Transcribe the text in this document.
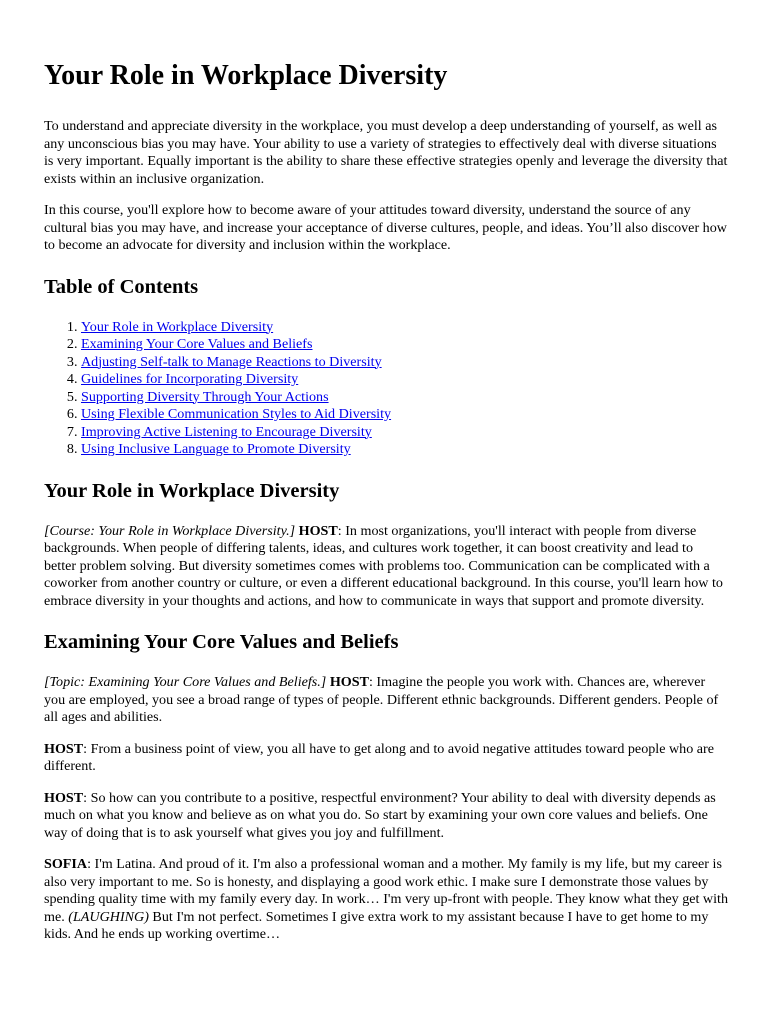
Your Role in Workplace Diversity

To understand and appreciate diversity in the workplace, you must develop a deep understanding of yourself, as well as any unconscious bias you may have. Your ability to use a variety of strategies to effectively deal with diverse situations is very important. Equally important is the ability to share these effective strategies openly and leverage the diversity that exists within an inclusive organization.

In this course, you'll explore how to become aware of your attitudes toward diversity, understand the source of any cultural bias you may have, and increase your acceptance of diverse cultures, people, and ideas. You’ll also discover how to become an advocate for diversity and inclusion within the workplace.

Table of Contents
1. Your Role in Workplace Diversity
2. Examining Your Core Values and Beliefs
3. Adjusting Self-talk to Manage Reactions to Diversity
4. Guidelines for Incorporating Diversity
5. Supporting Diversity Through Your Actions
6. Using Flexible Communication Styles to Aid Diversity
7. Improving Active Listening to Encourage Diversity
8. Using Inclusive Language to Promote Diversity
Your Role in Workplace Diversity

[Course: Your Role in Workplace Diversity.] HOST: In most organizations, you'll interact with people from diverse backgrounds. When people of differing talents, ideas, and cultures work together, it can boost creativity and lead to better problem solving. But diversity sometimes comes with problems too. Communication can be complicated with a coworker from another country or culture, or even a different educational background. In this course, you'll learn how to embrace diversity in your thoughts and actions, and how to communicate in ways that support and promote diversity.

Examining Your Core Values and Beliefs

[Topic: Examining Your Core Values and Beliefs.] HOST: Imagine the people you work with. Chances are, wherever you are employed, you see a broad range of types of people. Different ethnic backgrounds. Different genders. People of all ages and abilities.

HOST: From a business point of view, you all have to get along and to avoid negative attitudes toward people who are different.

HOST: So how can you contribute to a positive, respectful environment? Your ability to deal with diversity depends as much on what you know and believe as on what you do. So start by examining your own core values and beliefs. One way of doing that is to ask yourself what gives you joy and fulfillment.

SOFIA: I'm Latina. And proud of it. I'm also a professional woman and a mother. My family is my life, but my career is also very important to me. So is honesty, and displaying a good work ethic. I make sure I demonstrate those values by spending quality time with my family every day. In work… I'm very up-front with people. They know what they get with me. (LAUGHING) But I'm not perfect. Sometimes I give extra work to my assistant because I have to get home to my kids. And he ends up working overtime…
